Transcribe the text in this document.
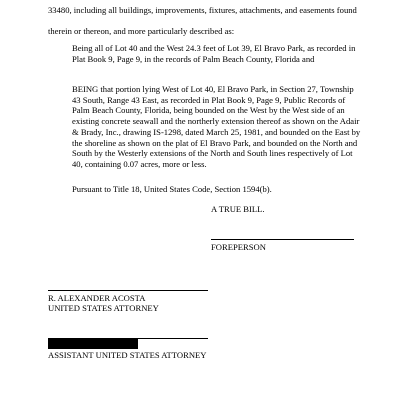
33480, including all buildings, improvements, fixtures, attachments, and easements found

therein or thereon, and more particularly described as:

Being all of Lot 40 and the West 24.3 feet of Lot 39, El Bravo Park, as recorded in Plat Book 9, Page 9, in the records of Palm Beach County, Florida and

BEING that portion lying West of Lot 40, El Bravo Park, in Section 27, Township 43 South, Range 43 East, as recorded in Plat Book 9, Page 9, Public Records of Palm Beach County, Florida, being bounded on the West by the West side of an existing concrete seawall and the northerly extension thereof as shown on the Adair & Brady, Inc., drawing IS-1298, dated March 25, 1981, and bounded on the East by the shoreline as shown on the plat of El Bravo Park, and bounded on the North and South by the Westerly extensions of the North and South lines respectively of Lot 40, containing 0.07 acres, more or less.

Pursuant to Title 18, United States Code, Section 1594(b).

A TRUE BILL.

FOREPERSON

R. ALEXANDER ACOSTA

UNITED STATES ATTORNEY

ASSISTANT UNITED STATES ATTORNEY
